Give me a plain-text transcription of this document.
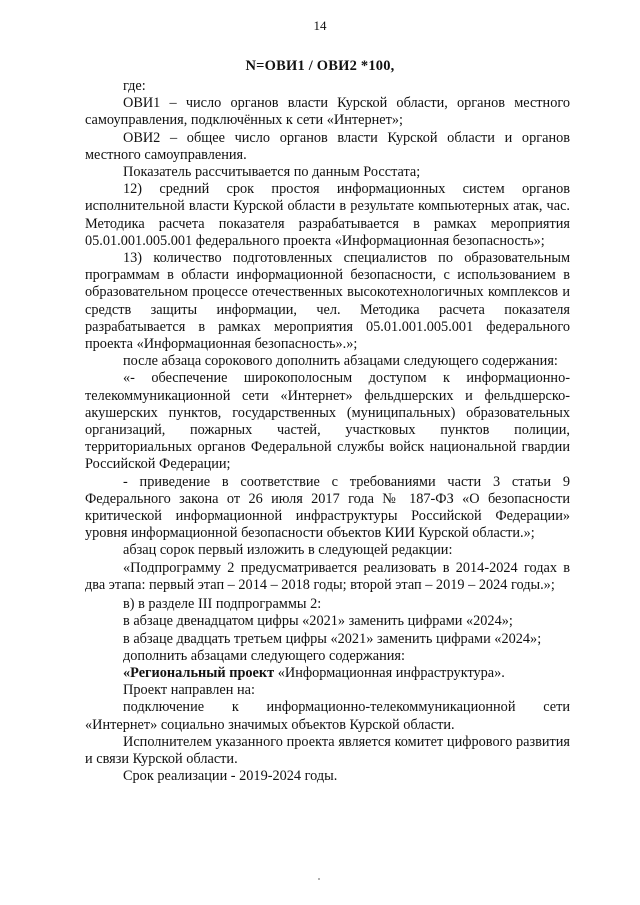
14
N=ОВИ1 / ОВИ2 *100,

где:

ОВИ1 – число органов власти Курской области, органов местного самоуправления, подключённых к сети «Интернет»;

ОВИ2 – общее число органов власти Курской области и органов местного самоуправления.

Показатель рассчитывается по данным Росстата;

12) средний срок простоя информационных систем органов исполнительной власти Курской области в результате компьютерных атак, час. Методика расчета показателя разрабатывается в рамках мероприятия 05.01.001.005.001 федерального проекта «Информационная безопасность»;

13) количество подготовленных специалистов по образовательным программам в области информационной безопасности, с использованием в образовательном процессе отечественных высокотехнологичных комплексов и средств защиты информации, чел. Методика расчета показателя разрабатывается в рамках мероприятия 05.01.001.005.001 федерального проекта «Информационная безопасность».»;

после абзаца сорокового дополнить абзацами следующего содержания:

«- обеспечение широкополосным доступом к информационно-телекоммуникационной сети «Интернет» фельдшерских и фельдшерско-акушерских пунктов, государственных (муниципальных) образовательных организаций, пожарных частей, участковых пунктов полиции, территориальных органов Федеральной службы войск национальной гвардии Российской Федерации;

- приведение в соответствие с требованиями части 3 статьи 9 Федерального закона от 26 июля 2017 года № 187-ФЗ «О безопасности критической информационной инфраструктуры Российской Федерации» уровня информационной безопасности объектов КИИ Курской области.»;

абзац сорок первый изложить в следующей редакции:

«Подпрограмму 2 предусматривается реализовать в 2014-2024 годах в два этапа: первый этап – 2014 – 2018 годы; второй этап – 2019 – 2024 годы.»;

в) в разделе III подпрограммы 2:

в абзаце двенадцатом цифры «2021» заменить цифрами «2024»;

в абзаце двадцать третьем цифры «2021» заменить цифрами «2024»;

дополнить абзацами следующего содержания:

«Региональный проект «Информационная инфраструктура».

Проект направлен на:

подключение к информационно-телекоммуникационной сети «Интернет» социально значимых объектов Курской области.

Исполнителем указанного проекта является комитет цифрового развития и связи Курской области.

Срок реализации - 2019-2024 годы.
